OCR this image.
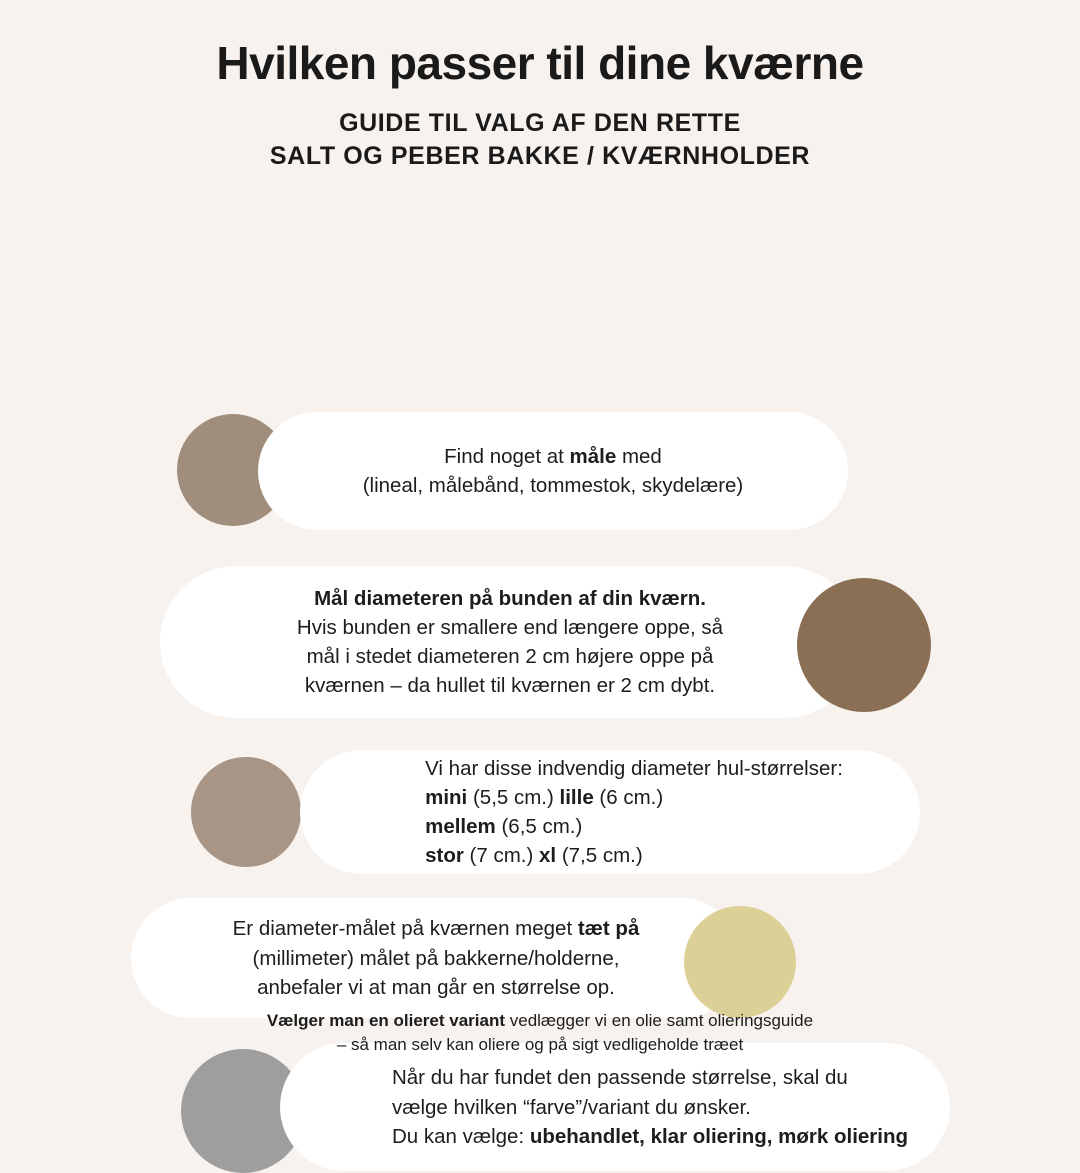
Hvilken passer til dine kværne
GUIDE TIL VALG AF DEN RETTE
SALT OG PEBER BAKKE / KVÆRNHOLDER
Find noget at måle med
(lineal, målebånd, tommestok, skydelære)
Mål diameteren på bunden af din kværn.
Hvis bunden er smallere end længere oppe, så
mål i stedet diameteren 2 cm højere oppe på
kværnen – da hullet til kværnen er 2 cm dybt.
Vi har disse indvendig diameter hul-størrelser:
mini (5,5 cm.) lille (6 cm.)
mellem (6,5 cm.)
stor (7 cm.) xl (7,5 cm.)
Er diameter-målet på kværnen meget tæt på
(millimeter) målet på bakkerne/holderne,
anbefaler vi at man går en størrelse op.
Når du har fundet den passende størrelse, skal du
vælge hvilken “farve”/variant du ønsker.
Du kan vælge: ubehandlet, klar oliering, mørk oliering
Vælger man en olieret variant vedlægger vi en olie samt olieringsguide
– så man selv kan oliere og på sigt vedligeholde træet
